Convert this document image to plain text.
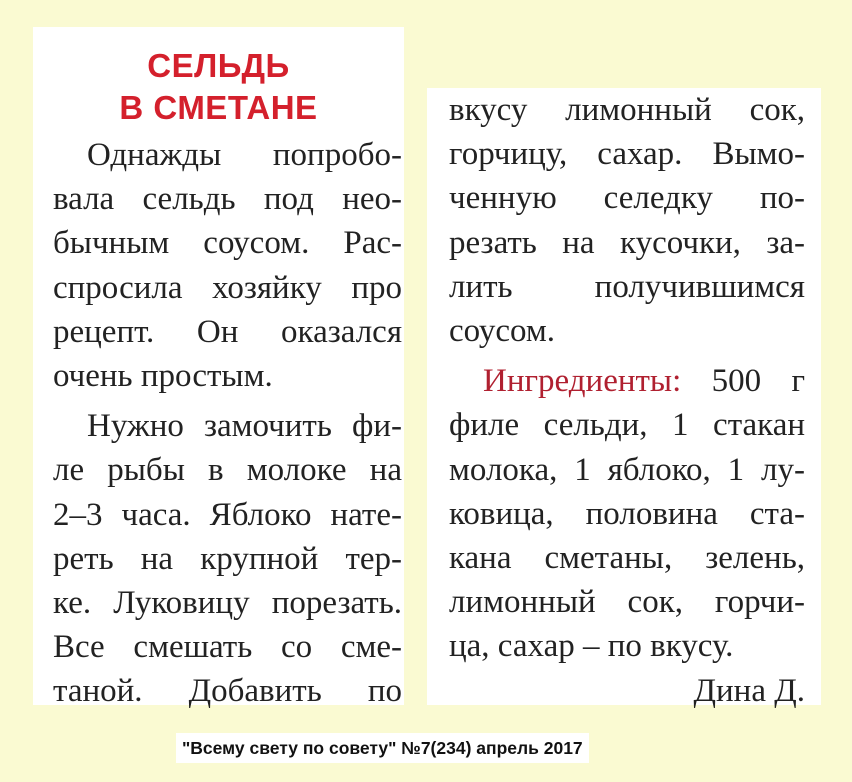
СЕЛЬДЬ
В СМЕТАНЕ
Однажды попробо-
вала сельдь под нео-
бычным соусом. Рас-
спросила хозяйку про
рецепт. Он оказался
очень простым.
Нужно замочить фи-
ле рыбы в молоке на
2–3 часа. Яблоко нате-
реть на крупной тер-
ке. Луковицу порезать.
Все смешать со сме-
таной. Добавить по
вкусу лимонный сок,
горчицу, сахар. Вымо-
ченную селедку по-
резать на кусочки, за-
лить получившимся
соусом.
Ингредиенты: 500 г
филе сельди, 1 стакан
молока, 1 яблоко, 1 лу-
ковица, половина ста-
кана сметаны, зелень,
лимонный сок, горчи-
ца, сахар – по вкусу.
Дина Д.
"Всему свету по совету" №7(234) апрель 2017
